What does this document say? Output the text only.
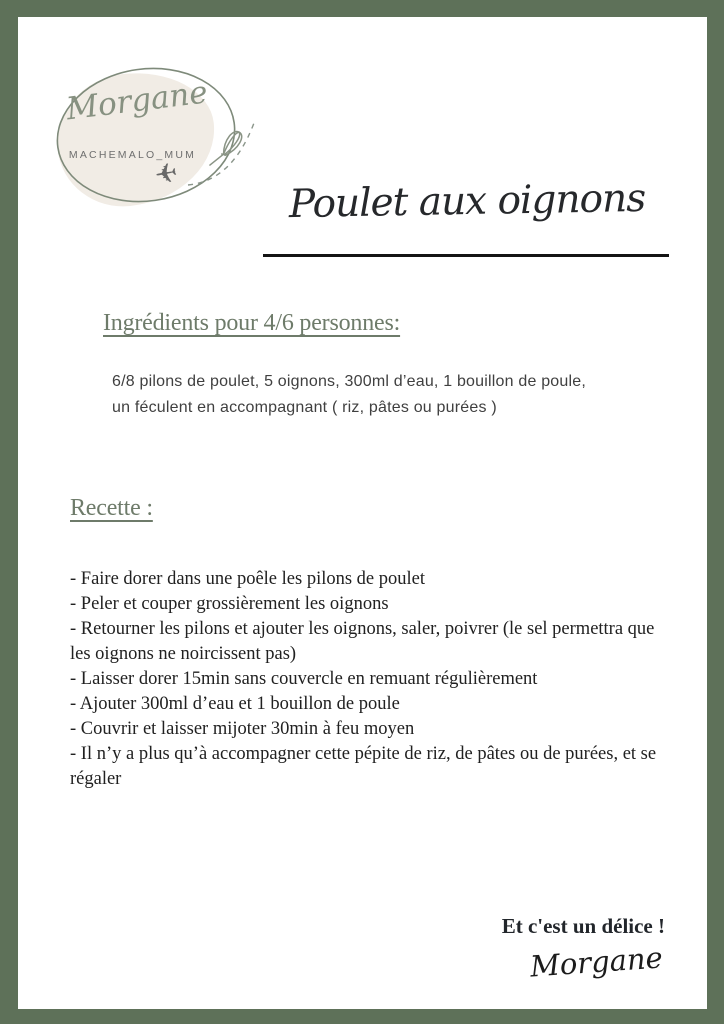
Morgane
MACHEMALO_MUM
✈
Poulet aux oignons
Ingrédients pour 4/6 personnes:
6/8 pilons de poulet, 5 oignons, 300ml d’eau, 1 bouillon de poule, un féculent en accompagnant ( riz, pâtes ou purées )
Recette :

- Faire dorer dans une poêle les pilons de poulet

- Peler et couper grossièrement les oignons

- Retourner les pilons et ajouter les oignons, saler, poivrer (le sel permettra que les oignons ne noircissent pas)

- Laisser dorer 15min sans couvercle en remuant régulièrement

- Ajouter 300ml d’eau et 1 bouillon de poule

- Couvrir et laisser mijoter 30min à feu moyen

- Il n’y a plus qu’à accompagner cette pépite de riz, de pâtes ou de purées, et se régaler

Et c'est un délice !
Morgane
